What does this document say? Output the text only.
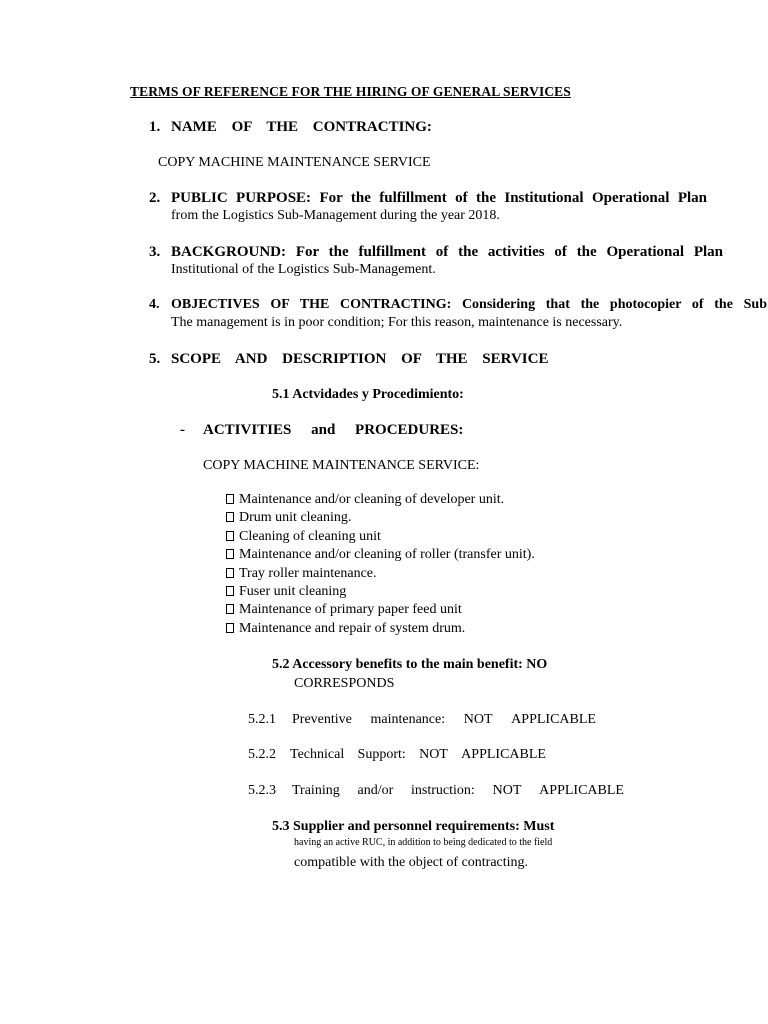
TERMS OF REFERENCE FOR THE HIRING OF GENERAL SERVICES
1. NAME OF THE CONTRACTING:
COPY MACHINE MAINTENANCE SERVICE
2. PUBLIC PURPOSE: For the fulfillment of the Institutional Operational Plan
from the Logistics Sub-Management during the year 2018.
3. BACKGROUND: For the fulfillment of the activities of the Operational Plan
Institutional of the Logistics Sub-Management.
4. OBJECTIVES OF THE CONTRACTING: Considering that the photocopier of the Sub
The management is in poor condition; For this reason, maintenance is necessary.
5. SCOPE AND DESCRIPTION OF THE SERVICE
5.1 Actvidades y Procedimiento:
- ACTIVITIES and PROCEDURES:
COPY MACHINE MAINTENANCE SERVICE:
Maintenance and/or cleaning of developer unit.
Drum unit cleaning.
Cleaning of cleaning unit
Maintenance and/or cleaning of roller (transfer unit).
Tray roller maintenance.
Fuser unit cleaning
Maintenance of primary paper feed unit
Maintenance and repair of system drum.
5.2 Accessory benefits to the main benefit: NO
CORRESPONDS
5.2.1 Preventive maintenance: NOT APPLICABLE
5.2.2 Technical Support: NOT APPLICABLE
5.2.3 Training and/or instruction: NOT APPLICABLE
5.3 Supplier and personnel requirements: Must
having an active RUC, in addition to being dedicated to the field
compatible with the object of contracting.
